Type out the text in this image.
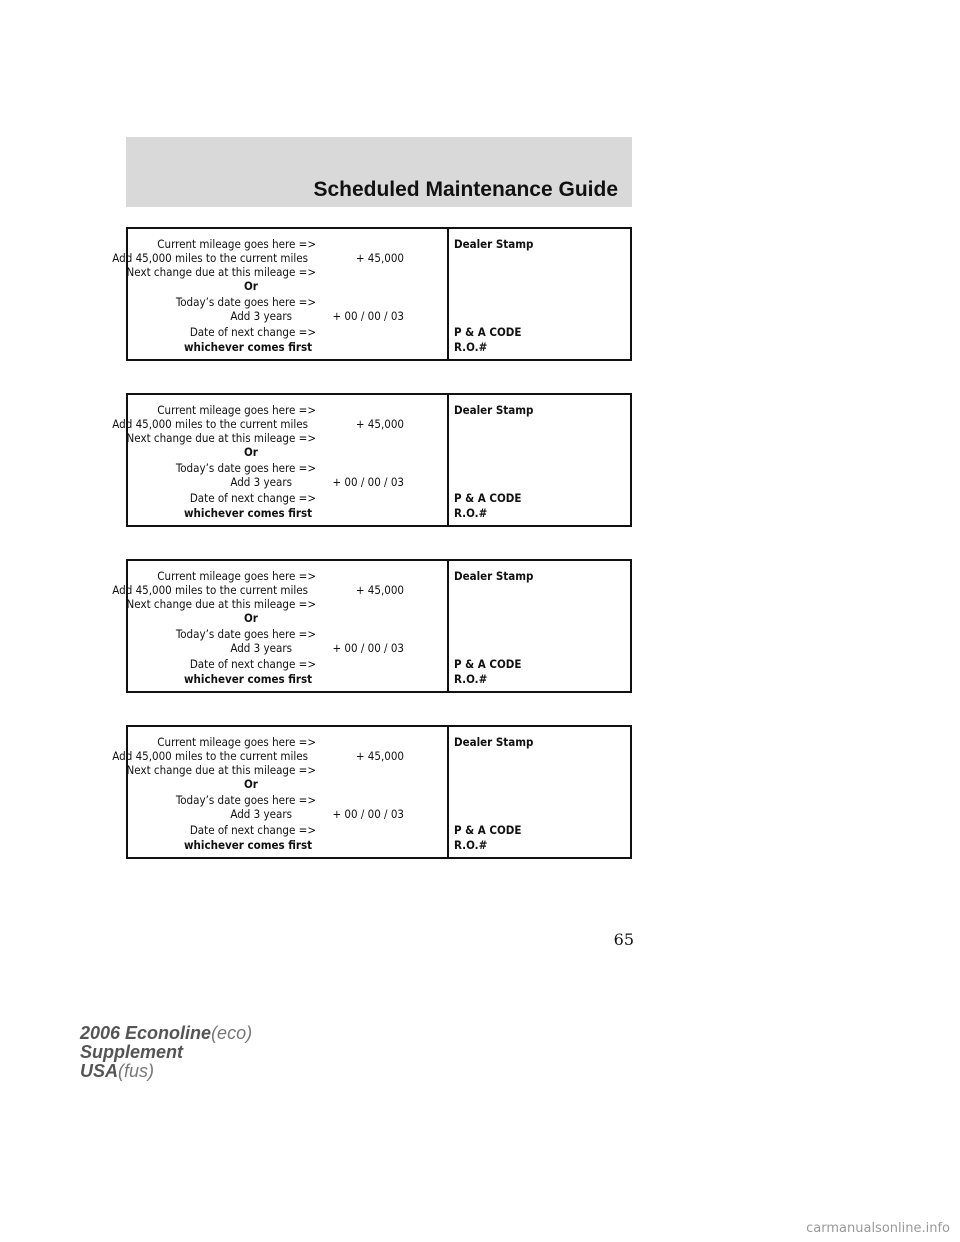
Scheduled Maintenance Guide
Current mileage goes here =>
Add 45,000 miles to the current miles	+ 45,000
Next change due at this mileage =>
Or
Today’s date goes here =>
Add 3 years	+ 00 / 00 / 03
Date of next change =>
whichever comes first
Dealer Stamp
P & A CODE
R.O.#
Current mileage goes here =>
Add 45,000 miles to the current miles	+ 45,000
Next change due at this mileage =>
Or
Today’s date goes here =>
Add 3 years	+ 00 / 00 / 03
Date of next change =>
whichever comes first
Dealer Stamp
P & A CODE
R.O.#
Current mileage goes here =>
Add 45,000 miles to the current miles	+ 45,000
Next change due at this mileage =>
Or
Today’s date goes here =>
Add 3 years	+ 00 / 00 / 03
Date of next change =>
whichever comes first
Dealer Stamp
P & A CODE
R.O.#
Current mileage goes here =>
Add 45,000 miles to the current miles	+ 45,000
Next change due at this mileage =>
Or
Today’s date goes here =>
Add 3 years	+ 00 / 00 / 03
Date of next change =>
whichever comes first
Dealer Stamp
P & A CODE
R.O.#
65
2006 Econoline(eco)
Supplement
USA(fus)
carmanualsonline.info
